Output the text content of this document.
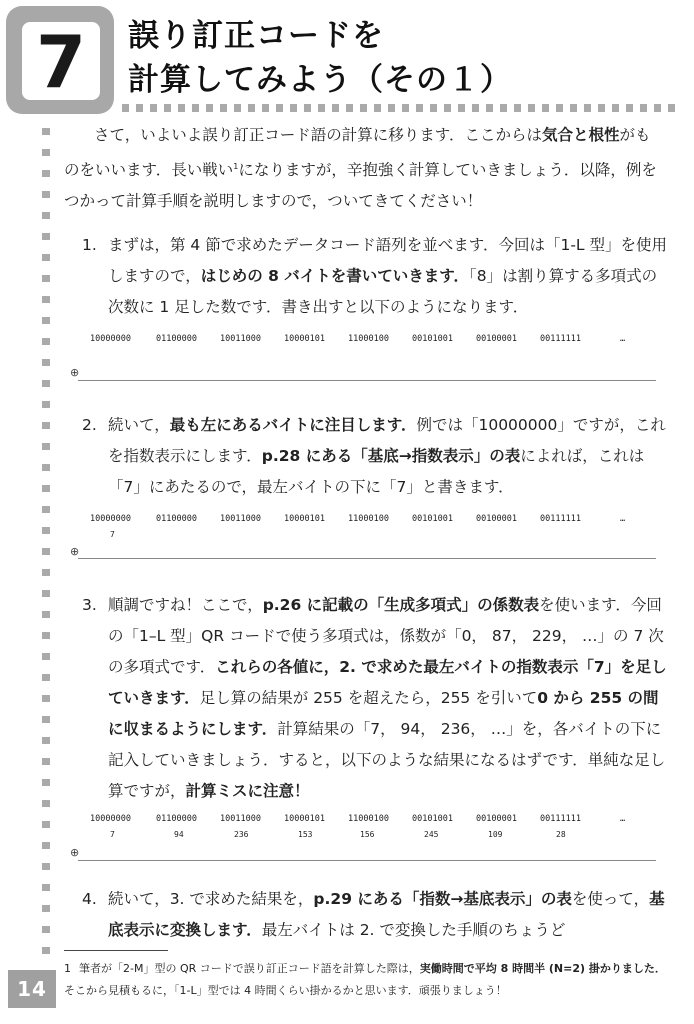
7	誤り訂正コードを
計算してみよう（その１）
さて，いよいよ誤り訂正コード語の計算に移ります．ここからは気合と根性がものをいいます．長い戦い$^1$になりますが，辛抱強く計算していきましょう．以降，例をつかって計算手順を説明しますので，ついてきてください！
1. まずは，第 4 節で求めたデータコード語列を並べます．今回は「1-L 型」を使用しますので，はじめの 8 バイトを書いていきます．「8」は割り算する多項式の次数に 1 足した数です．書き出すと以下のようになります．
10000000	01100000	10011000	10000101	11000100	00101001	00100001	00111111	…
⊕
2. 続いて，最も左にあるバイトに注目します．例では「10000000」ですが，これを指数表示にします．p.28 にある「基底→指数表示」の表によれば，これは「7」にあたるので，最左バイトの下に「7」と書きます．
10000000	01100000	10011000	10000101	11000100	00101001	00100001	00111111	…
7
⊕
3. 順調ですね！ここで，p.26 に記載の「生成多項式」の係数表を使います．今回の「1–L 型」QR コードで使う多項式は，係数が「0， 87， 229， …」の 7 次の多項式です．これらの各値に，2. で求めた最左バイトの指数表示「7」を足していきます．足し算の結果が 255 を超えたら，255 を引いて0 から 255 の間に収まるようにします．計算結果の「7， 94， 236， …」を，各バイトの下に記入していきましょう．すると，以下のような結果になるはずです．単純な足し算ですが，計算ミスに注意！
10000000	01100000	10011000	10000101	11000100	00101001	00100001	00111111	…
7	94	236	153	156	245	109	28
⊕
4. 続いて，3. で求めた結果を，p.29 にある「指数→基底表示」の表を使って，基底表示に変換します．最左バイトは 2. で変換した手順のちょうど
1 筆者が「2-M」型の QR コードで誤り訂正コード語を計算した際は，実働時間で平均 8 時間半 (N=2) 掛かりました．そこから見積もるに，「1-L」型では 4 時間くらい掛かるかと思います．頑張りましょう！
14
